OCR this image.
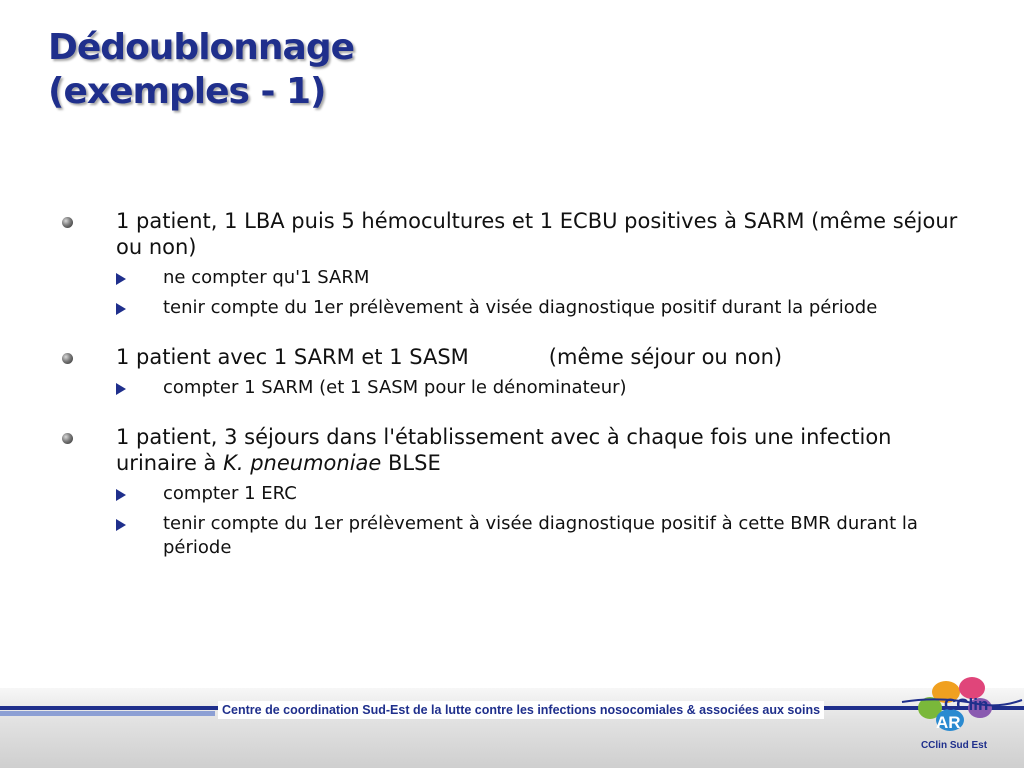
Dédoublonnage
(exemples - 1)

1 patient, 1 LBA puis 5 hémocultures et 1 ECBU positives à SARM (même séjour ou non)

ne compter qu'1 SARM

tenir compte du 1er prélèvement à visée diagnostique positif durant la période

1 patient avec 1 SARM et 1 SASM	(même séjour ou non)

compter 1 SARM (et 1 SASM pour le dénominateur)

1 patient, 3 séjours dans l'établissement avec à chaque fois une infection urinaire à K. pneumoniae BLSE

compter 1 ERC

tenir compte du 1er prélèvement à visée diagnostique positif à cette BMR durant la période

Centre de coordination Sud-Est de la lutte contre les infections nosocomiales & associées aux soins	CClin
AR
CClin Sud Est
